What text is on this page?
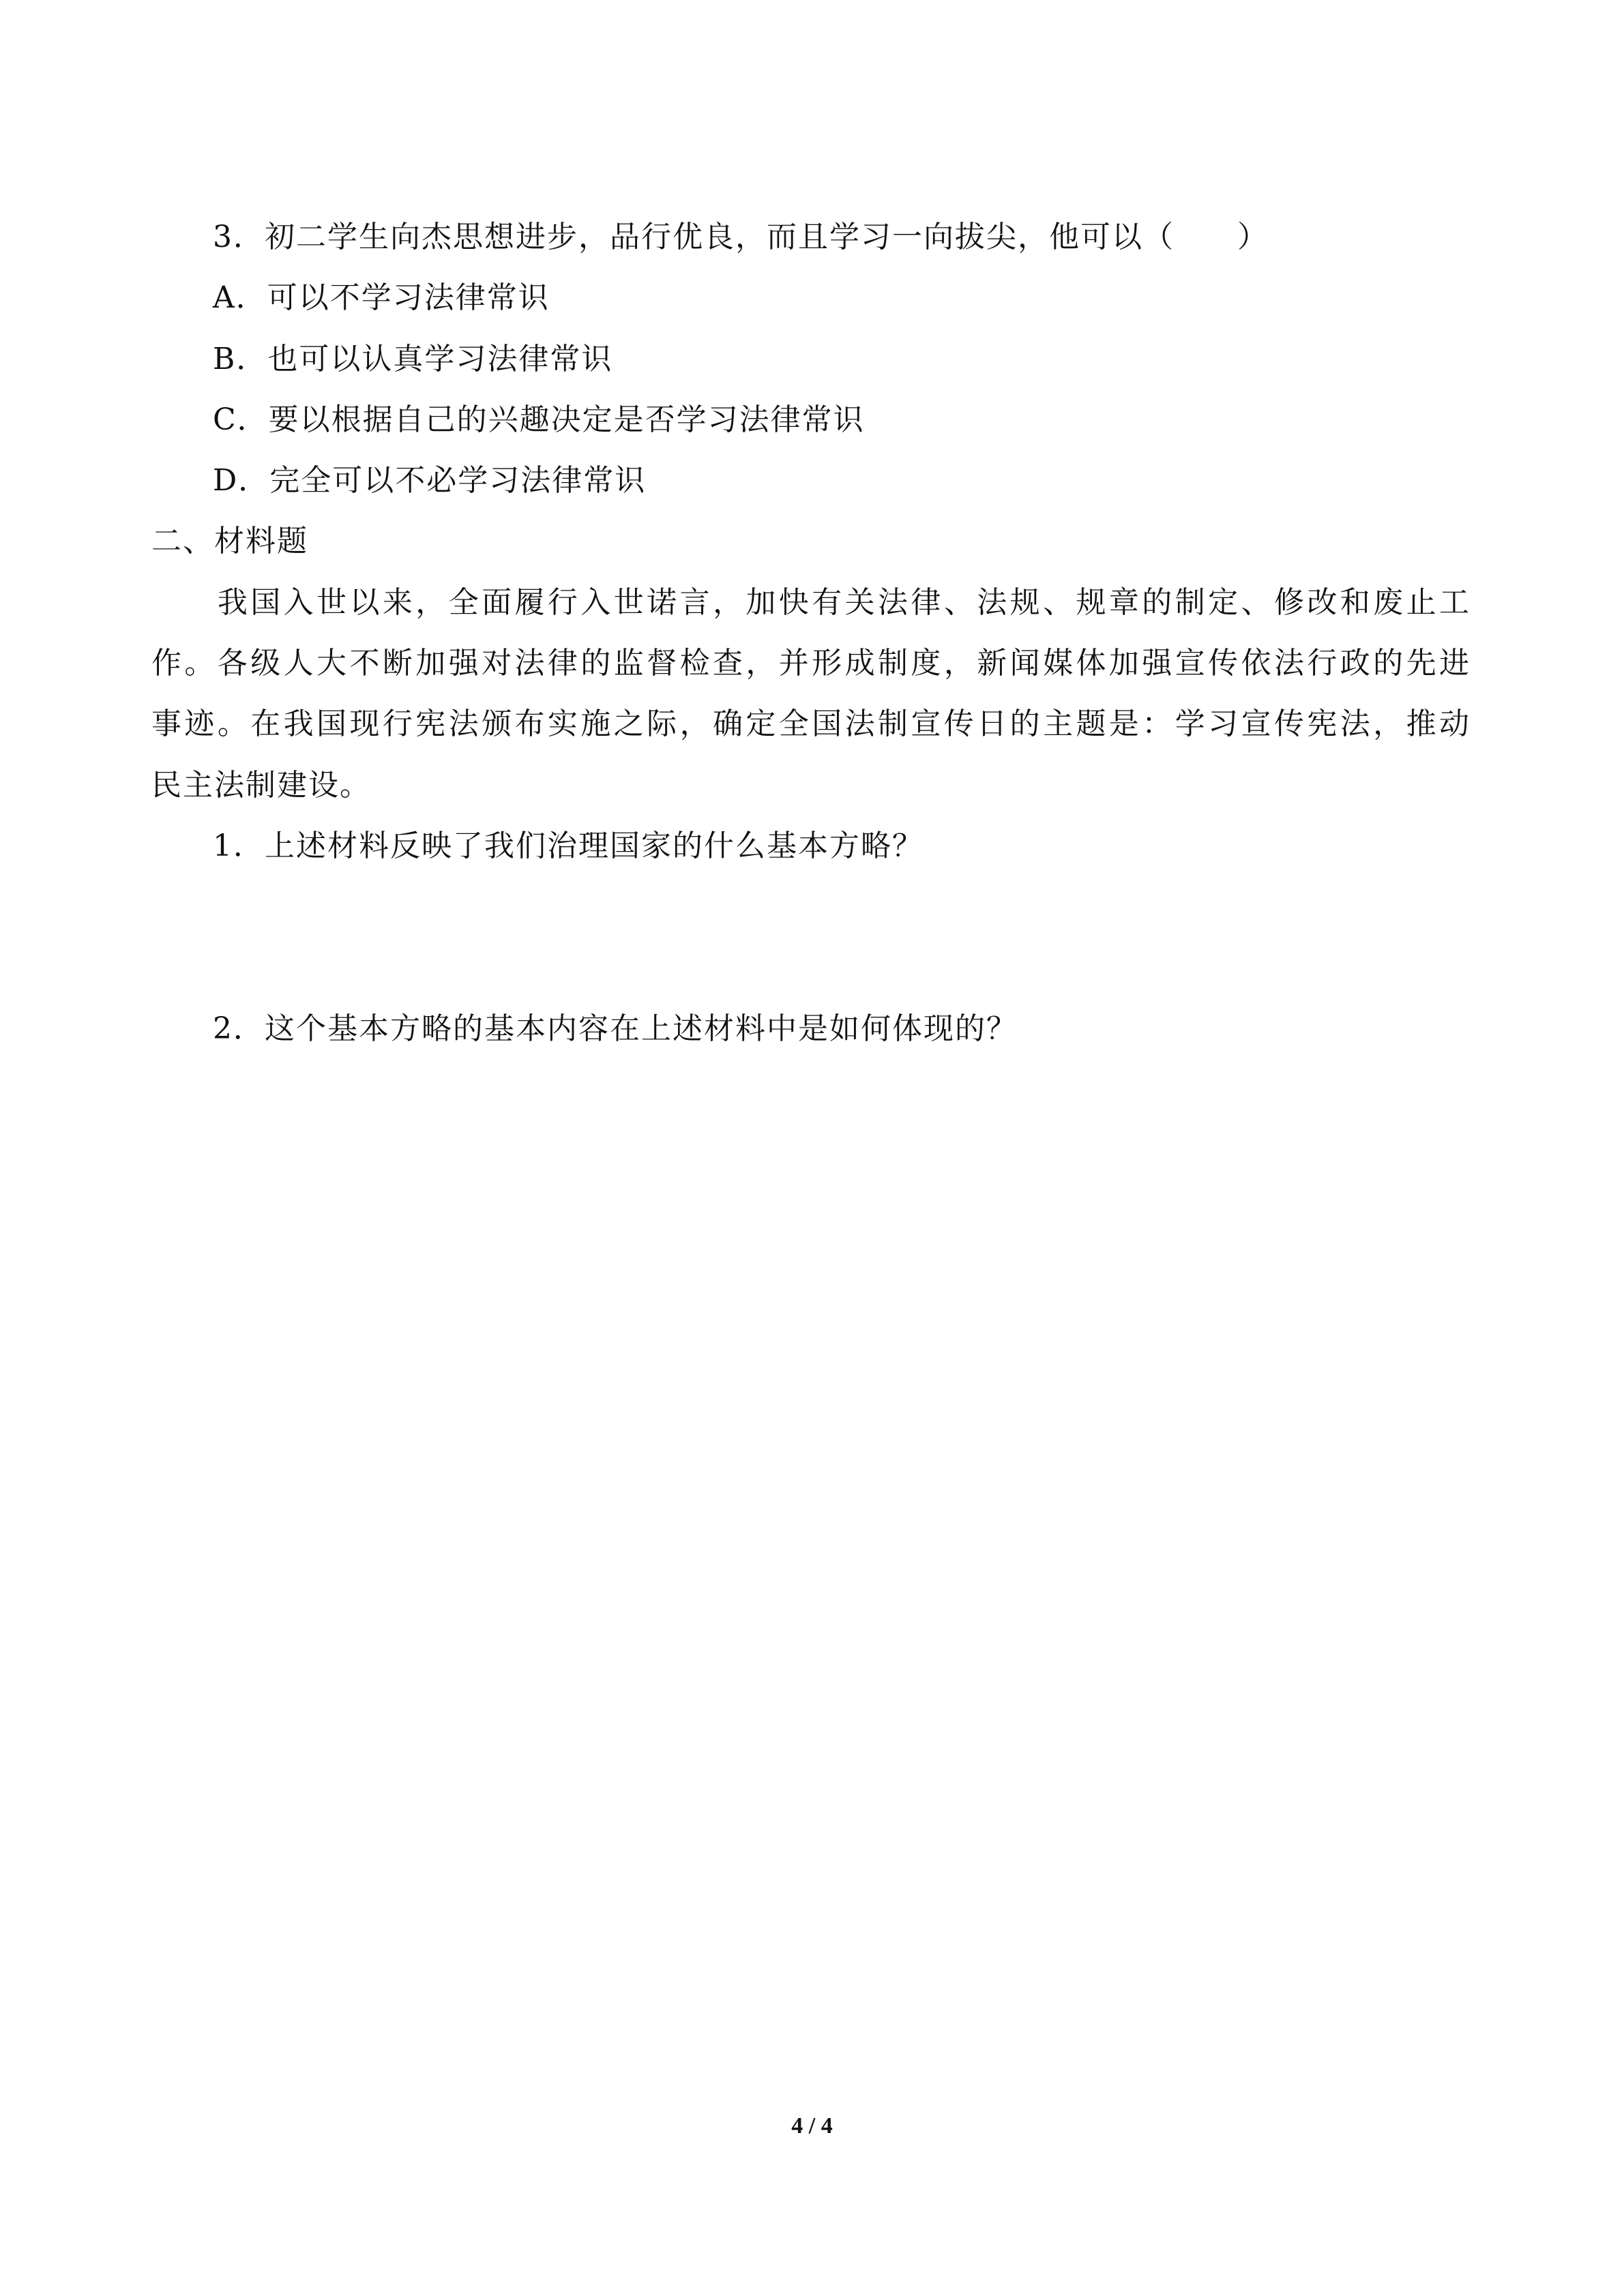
3．初二学生向杰思想进步，品行优良，而且学习一向拔尖，他可以（　　）
A．可以不学习法律常识
B．也可以认真学习法律常识
C．要以根据自己的兴趣决定是否学习法律常识
D．完全可以不必学习法律常识
二、材料题
　　我国入世以来，全面履行入世诺言，加快有关法律、法规、规章的制定、修改和废止工
作。各级人大不断加强对法律的监督检查，并形成制度，新闻媒体加强宣传依法行政的先进
事迹。在我国现行宪法颁布实施之际，确定全国法制宣传日的主题是：学习宣传宪法，推动
民主法制建设。
1．上述材料反映了我们治理国家的什么基本方略？
2．这个基本方略的基本内容在上述材料中是如何体现的？
4 / 4
